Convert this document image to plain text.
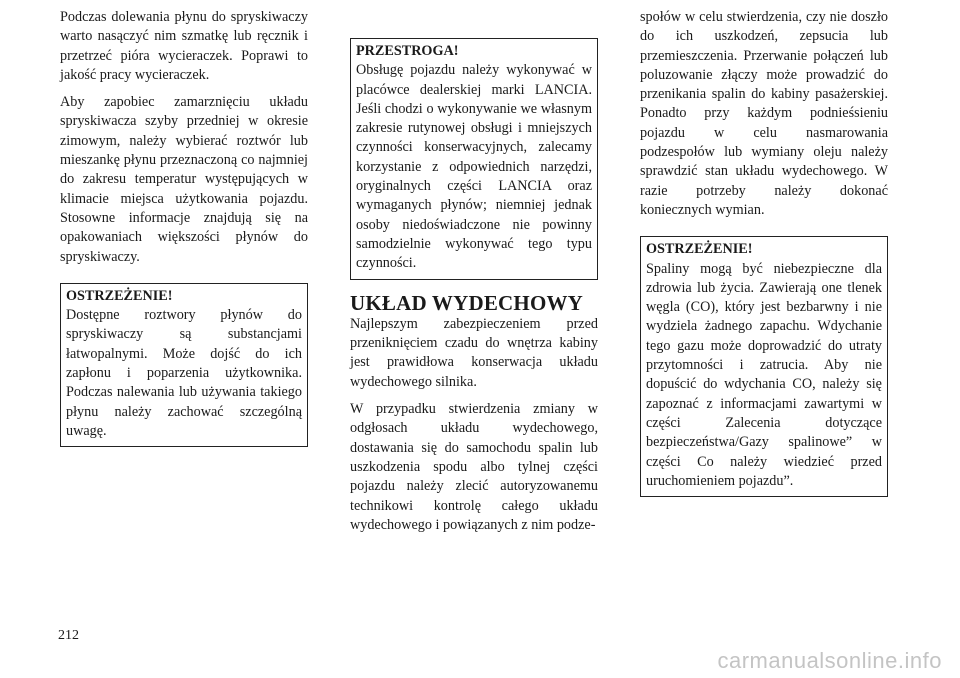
Podczas dolewania płynu do spryskiwaczy warto nasączyć nim szmatkę lub ręcznik i przetrzeć pióra wycieraczek. Poprawi to jakość pracy wycieraczek.

Aby zapobiec zamarznięciu układu spryskiwacza szyby przedniej w okresie zimowym, należy wybierać roztwór lub mieszankę płynu przeznaczoną co najmniej do zakresu temperatur występujących w klimacie miejsca użytkowania pojazdu. Stosowne informacje znajdują się na opakowaniach większości płynów do spryskiwaczy.

OSTRZEŻENIE!
Dostępne roztwory płynów do spryskiwaczy są substancjami łatwopalnymi. Może dojść do ich zapłonu i poparzenia użytkownika. Podczas nalewania lub używania takiego płynu należy zachować szczególną uwagę.
PRZESTROGA!
Obsługę pojazdu należy wykonywać w placówce dealerskiej marki LANCIA. Jeśli chodzi o wykonywanie we własnym zakresie rutynowej obsługi i mniejszych czynności konserwacyjnych, zalecamy korzystanie z odpowiednich narzędzi, oryginalnych części LANCIA oraz wymaganych płynów; niemniej jednak osoby niedoświadczone nie powinny samodzielnie wykonywać tego typu czynności.
UKŁAD WYDECHOWY

Najlepszym zabezpieczeniem przed przeniknięciem czadu do wnętrza kabiny jest prawidłowa konserwacja układu wydechowego silnika.

W przypadku stwierdzenia zmiany w odgłosach układu wydechowego, dostawania się do samochodu spalin lub uszkodzenia spodu albo tylnej części pojazdu należy zlecić autoryzowanemu technikowi kontrolę całego układu wydechowego i powiązanych z nim podze-

społów w celu stwierdzenia, czy nie doszło do ich uszkodzeń, zepsucia lub przemieszczenia. Przerwanie połączeń lub poluzowanie złączy może prowadzić do przenikania spalin do kabiny pasażerskiej. Ponadto przy każdym podnieśsieniu pojazdu w celu nasmarowania podzespołów lub wymiany oleju należy sprawdzić stan układu wydechowego. W razie potrzeby należy dokonać koniecznych wymian.

OSTRZEŻENIE!
Spaliny mogą być niebezpieczne dla zdrowia lub życia. Zawierają one tlenek węgla (CO), który jest bezbarwny i nie wydziela żadnego zapachu. Wdychanie tego gazu może doprowadzić do utraty przytomności i zatrucia. Aby nie dopuścić do wdychania CO, należy się zapoznać z informacjami zawartymi w części Zalecenia dotyczące bezpieczeństwa/Gazy spalinowe” w części Co należy wiedzieć przed uruchomieniem pojazdu”.
212
carmanualsonline.info
